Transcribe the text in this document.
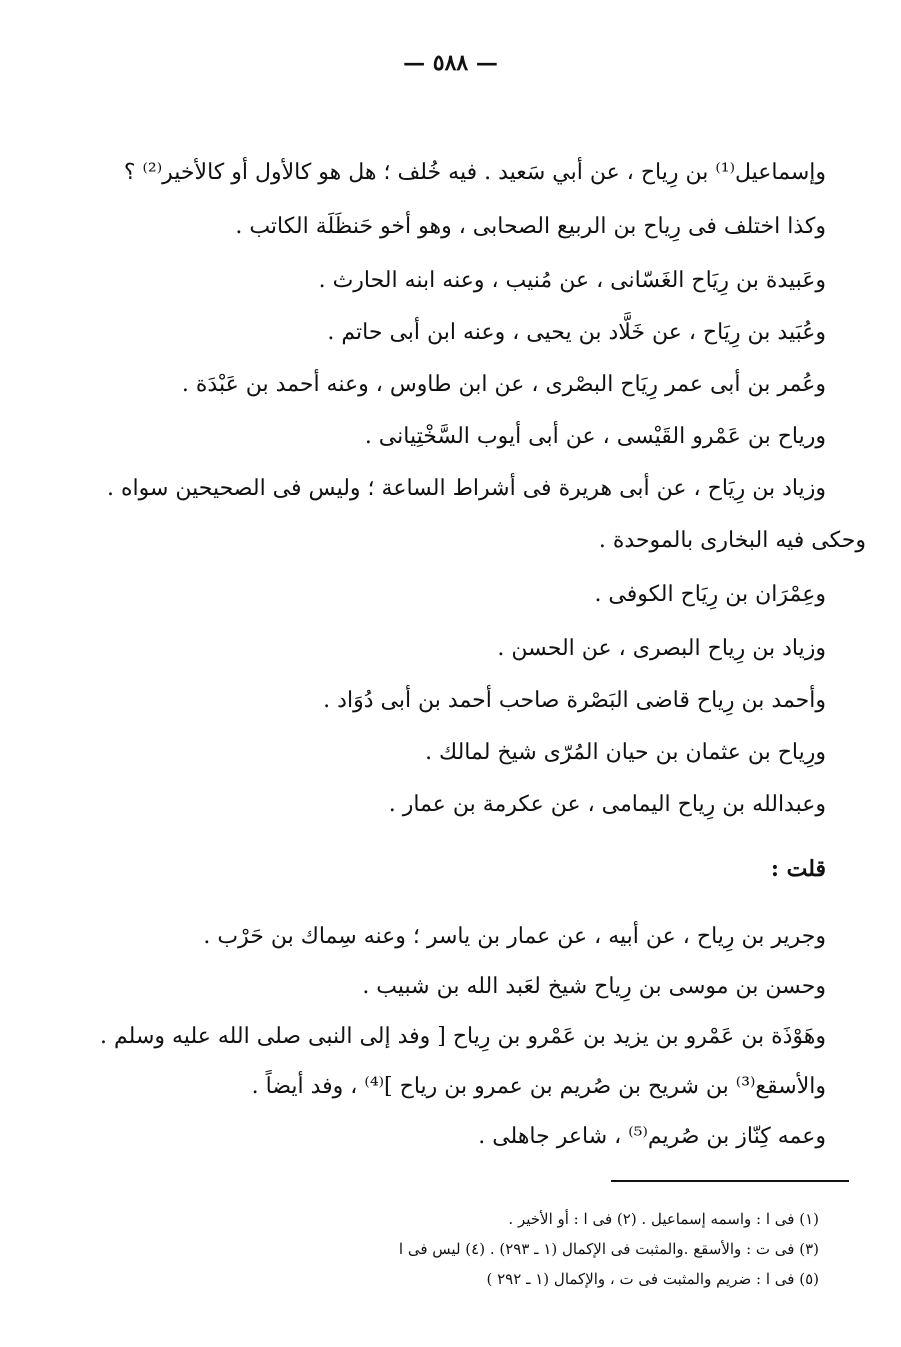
— ٥٨٨ —
وإسماعيل⁽¹⁾ بن رِياح ، عن أبي سَعيد . فيه خُلف ؛ هل هو كالأول أو كالأخير⁽²⁾ ؟
وكذا اختلف فى رِياح بن الربيع الصحابى ، وهو أخو حَنظَلَة الكاتب .
وعَبيدة بن رِيَاح الغَسّانى ، عن مُنيب ، وعنه ابنه الحارث .
وعُبَيد بن رِيَاح ، عن خَلَّاد بن يحيى ، وعنه ابن أبى حاتم .
وعُمر بن أبى عمر رِيَاح البصْرى ، عن ابن طاوس ، وعنه أحمد بن عَبْدَة .
ورياح بن عَمْرو القَيْسى ، عن أبى أيوب السَّخْتِيانى .
وزياد بن رِيَاح ، عن أبى هريرة فى أشراط الساعة ؛ وليس فى الصحيحين سواه .
وحكى فيه البخارى بالموحدة .
وعِمْرَان بن رِيَاح الكوفى .
وزياد بن رِياح البصرى ، عن الحسن .
وأحمد بن رِياح قاضى البَصْرة صاحب أحمد بن أبى دُوَاد .
ورِياح بن عثمان بن حيان المُرّى شيخ لمالك .
وعبدالله بن رِياح اليمامى ، عن عكرمة بن عمار .
قلت :
وجرير بن رِياح ، عن أبيه ، عن عمار بن ياسر ؛ وعنه سِماك بن حَرْب .
وحسن بن موسى بن رِياح شيخ لعَبد الله بن شبيب .
وهَوْذَة بن عَمْرو بن يزيد بن عَمْرو بن رِياح [ وفد إلى النبى صلى الله عليه وسلم .
والأسقع⁽³⁾ بن شريح بن صُريم بن عمرو بن رياح ]⁽⁴⁾ ، وفد أيضاً .
وعمه كِنّاز بن صُريم⁽⁵⁾ ، شاعر جاهلى .
(١) فى ا : واسمه إسماعيل . (٢) فى ا : أو الأخير .
(٣) فى ت : والأسقع .والمثبت فى الإكمال (١ ـ ٢٩٣) . (٤) ليس فى ا
(٥) فى ا : ضريم والمثبت فى ت ، والإكمال (١ ـ ٢٩٢ )
